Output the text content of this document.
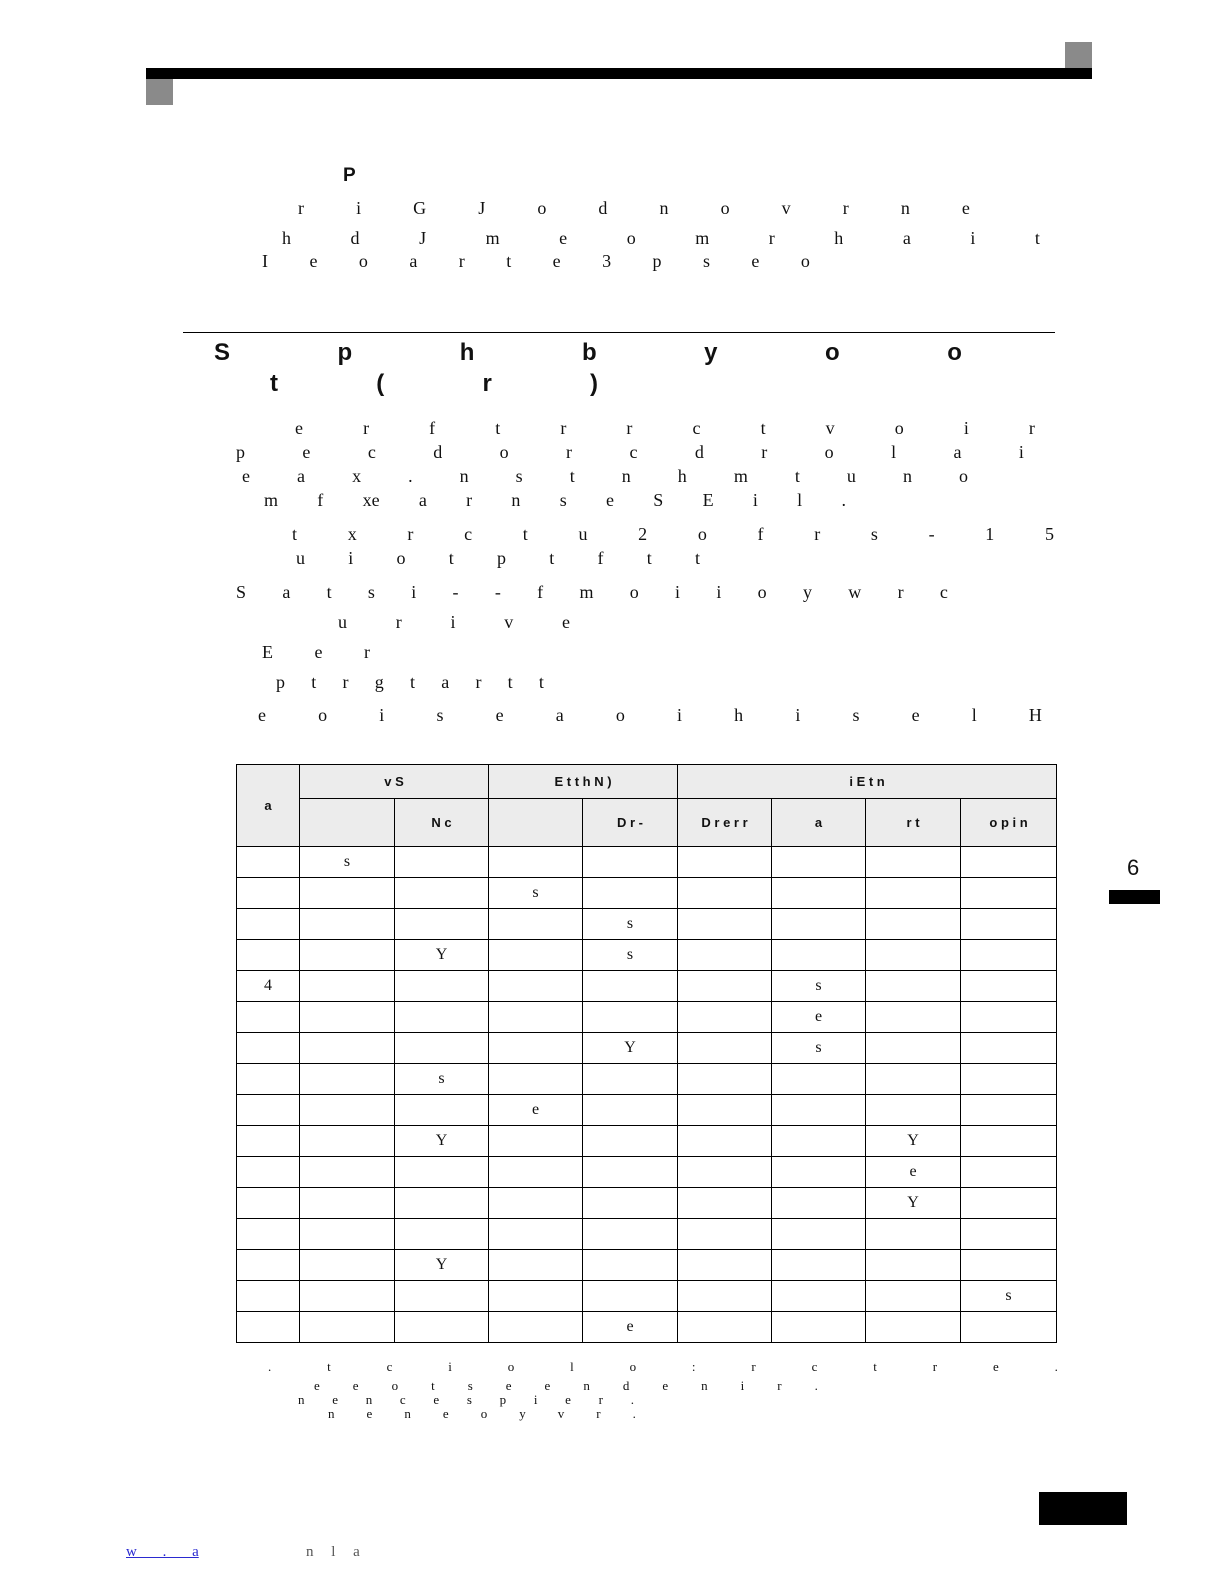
P
r	i	G	J	o	d	n	o	v	r	n	e
h	d	J	m	e	o	m	r	h	a	i	t
I e o a r t e 3 p s e o
S	p	h	b	y	o	o
t	(	r	)
e	r	f	t	r	r	c	t	v	o	i	r
p	e	c	d	o	r	c	d	r	o	l	a	i
e	a	x	.	n	s	t	n	h	m	t	u	n	o
m f xe a r n s e S E i l .
t	x	r	c	t	u	2	o	f	r	s	-	1	5
u i o t p t f t t
S a t s i - - f m o i i o y w r c
u	r	i	v	e
E e r
p t r g t a r t t
e	o	i	s	e	a	o	i	h	i	s	e	l	H
a	v S		E t t h N )		i E t n			
		N c		D r -	D r e r r	a	r t	o p i n
	s							
			s					
				s				
		Y		s				
4						s		
						e		
				Y		s		
		s						
			e					
		Y					Y	
							e	
							Y	

		Y						
								s
				e				
.	t	c	i	o	l	o	:	r	c	t	r	e	.
e	e	o	t	s	e	e	n	d	e	n	i	r	.
n e n c e s p i e r .
n e n e o y v r .
6
w . a	n l a
